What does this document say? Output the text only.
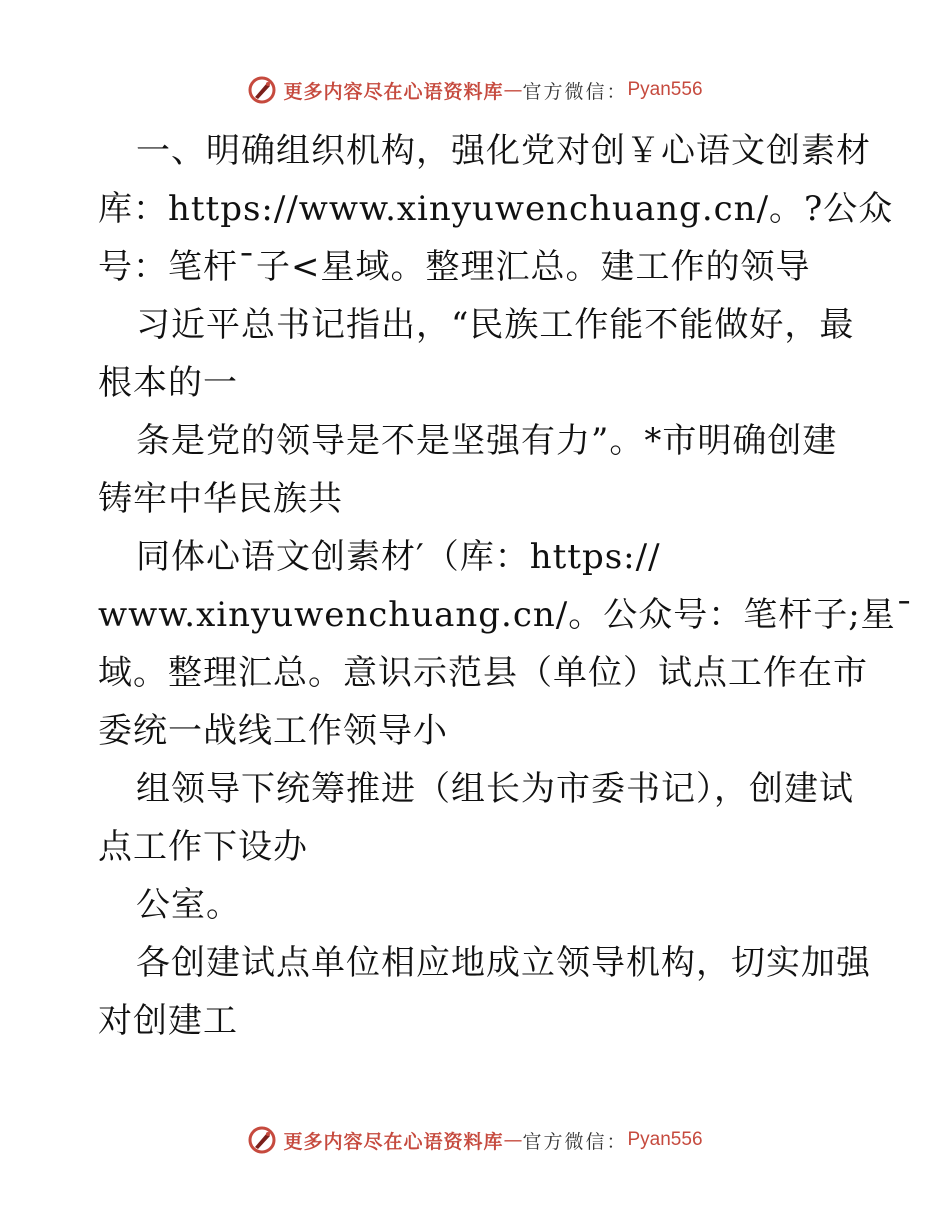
更多内容尽在心语资料库 — 官方微信： Pyan556
一、明确组织机构，强化党对创￥心语文创素材
库：https://www.xinyuwenchuang.cn/。?公众
号：笔杆¯子<星域。整理汇总。建工作的领导
习近平总书记指出，“民族工作能不能做好，最
根本的一
条是党的领导是不是坚强有力”。*市明确创建
铸牢中华民族共
同体心语文创素材′（库：https://
www.xinyuwenchuang.cn/。公众号：笔杆子;星¯
域。整理汇总。意识示范县（单位）试点工作在市
委统一战线工作领导小
组领导下统筹推进（组长为市委书记），创建试
点工作下设办
公室。
各创建试点单位相应地成立领导机构，切实加强
对创建工
更多内容尽在心语资料库 — 官方微信： Pyan556
